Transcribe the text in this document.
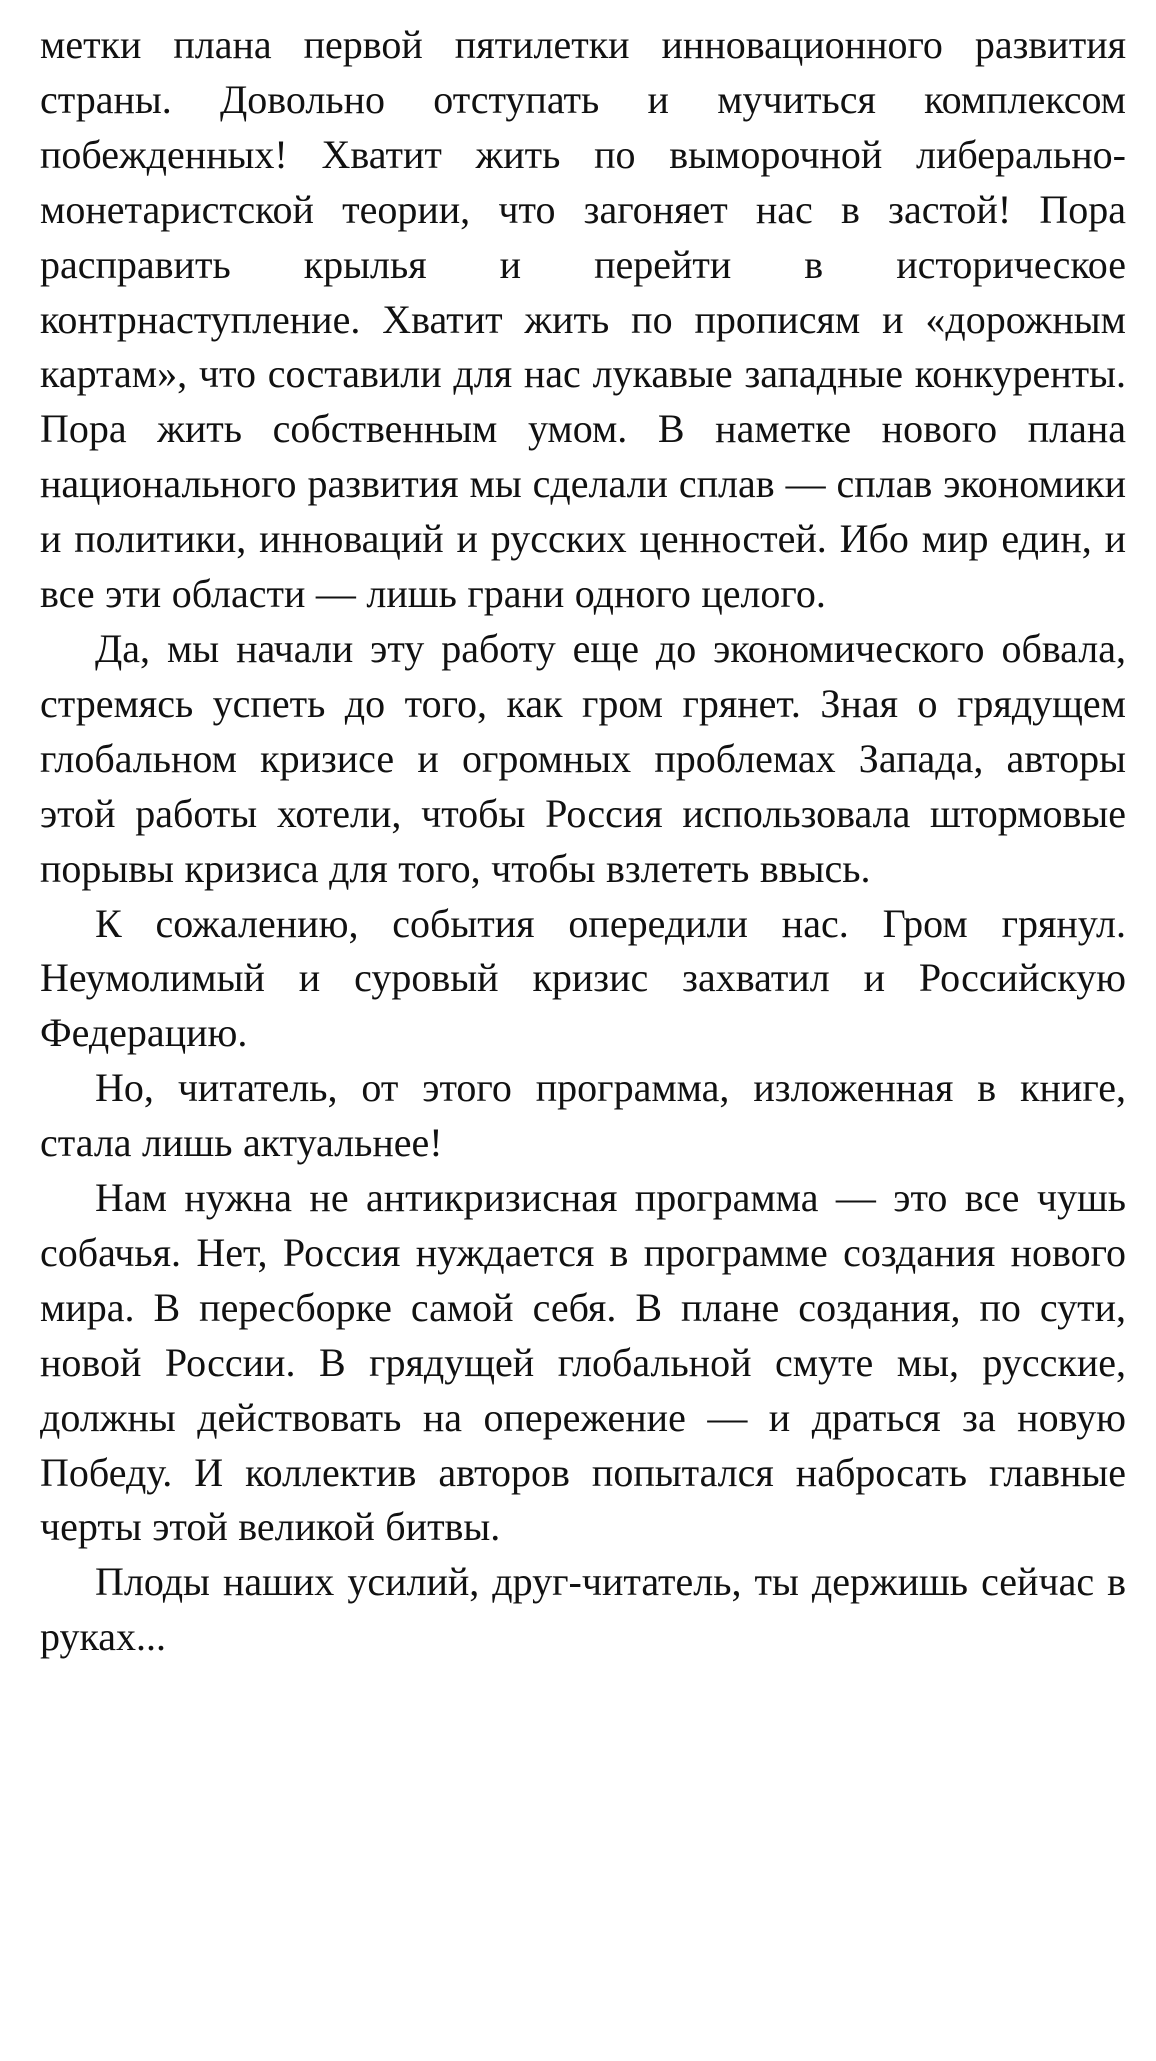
метки плана первой пятилетки инновационного развития страны. Довольно отступать и мучиться комплексом побежденных! Хватит жить по выморочной либерально-монетаристской теории, что загоняет нас в застой! Пора расправить крылья и перейти в историческое контрнаступление. Хватит жить по прописям и «дорожным картам», что составили для нас лукавые западные конкуренты. Пора жить собственным умом. В наметке нового плана национального развития мы сделали сплав — сплав экономики и политики, инноваций и русских ценностей. Ибо мир един, и все эти области — лишь грани одного целого.

Да, мы начали эту работу еще до экономического обвала, стремясь успеть до того, как гром грянет. Зная о грядущем глобальном кризисе и огромных проблемах Запада, авторы этой работы хотели, чтобы Россия использовала штормовые порывы кризиса для того, чтобы взлететь ввысь.

К сожалению, события опередили нас. Гром грянул. Неумолимый и суровый кризис захватил и Российскую Федерацию.

Но, читатель, от этого программа, изложенная в книге, стала лишь актуальнее!

Нам нужна не антикризисная программа — это все чушь собачья. Нет, Россия нуждается в программе создания нового мира. В пересборке самой себя. В плане создания, по сути, новой России. В грядущей глобальной смуте мы, русские, должны действовать на опережение — и драться за новую Победу. И коллектив авторов попытался набросать главные черты этой великой битвы.

Плоды наших усилий, друг-читатель, ты держишь сейчас в руках...
